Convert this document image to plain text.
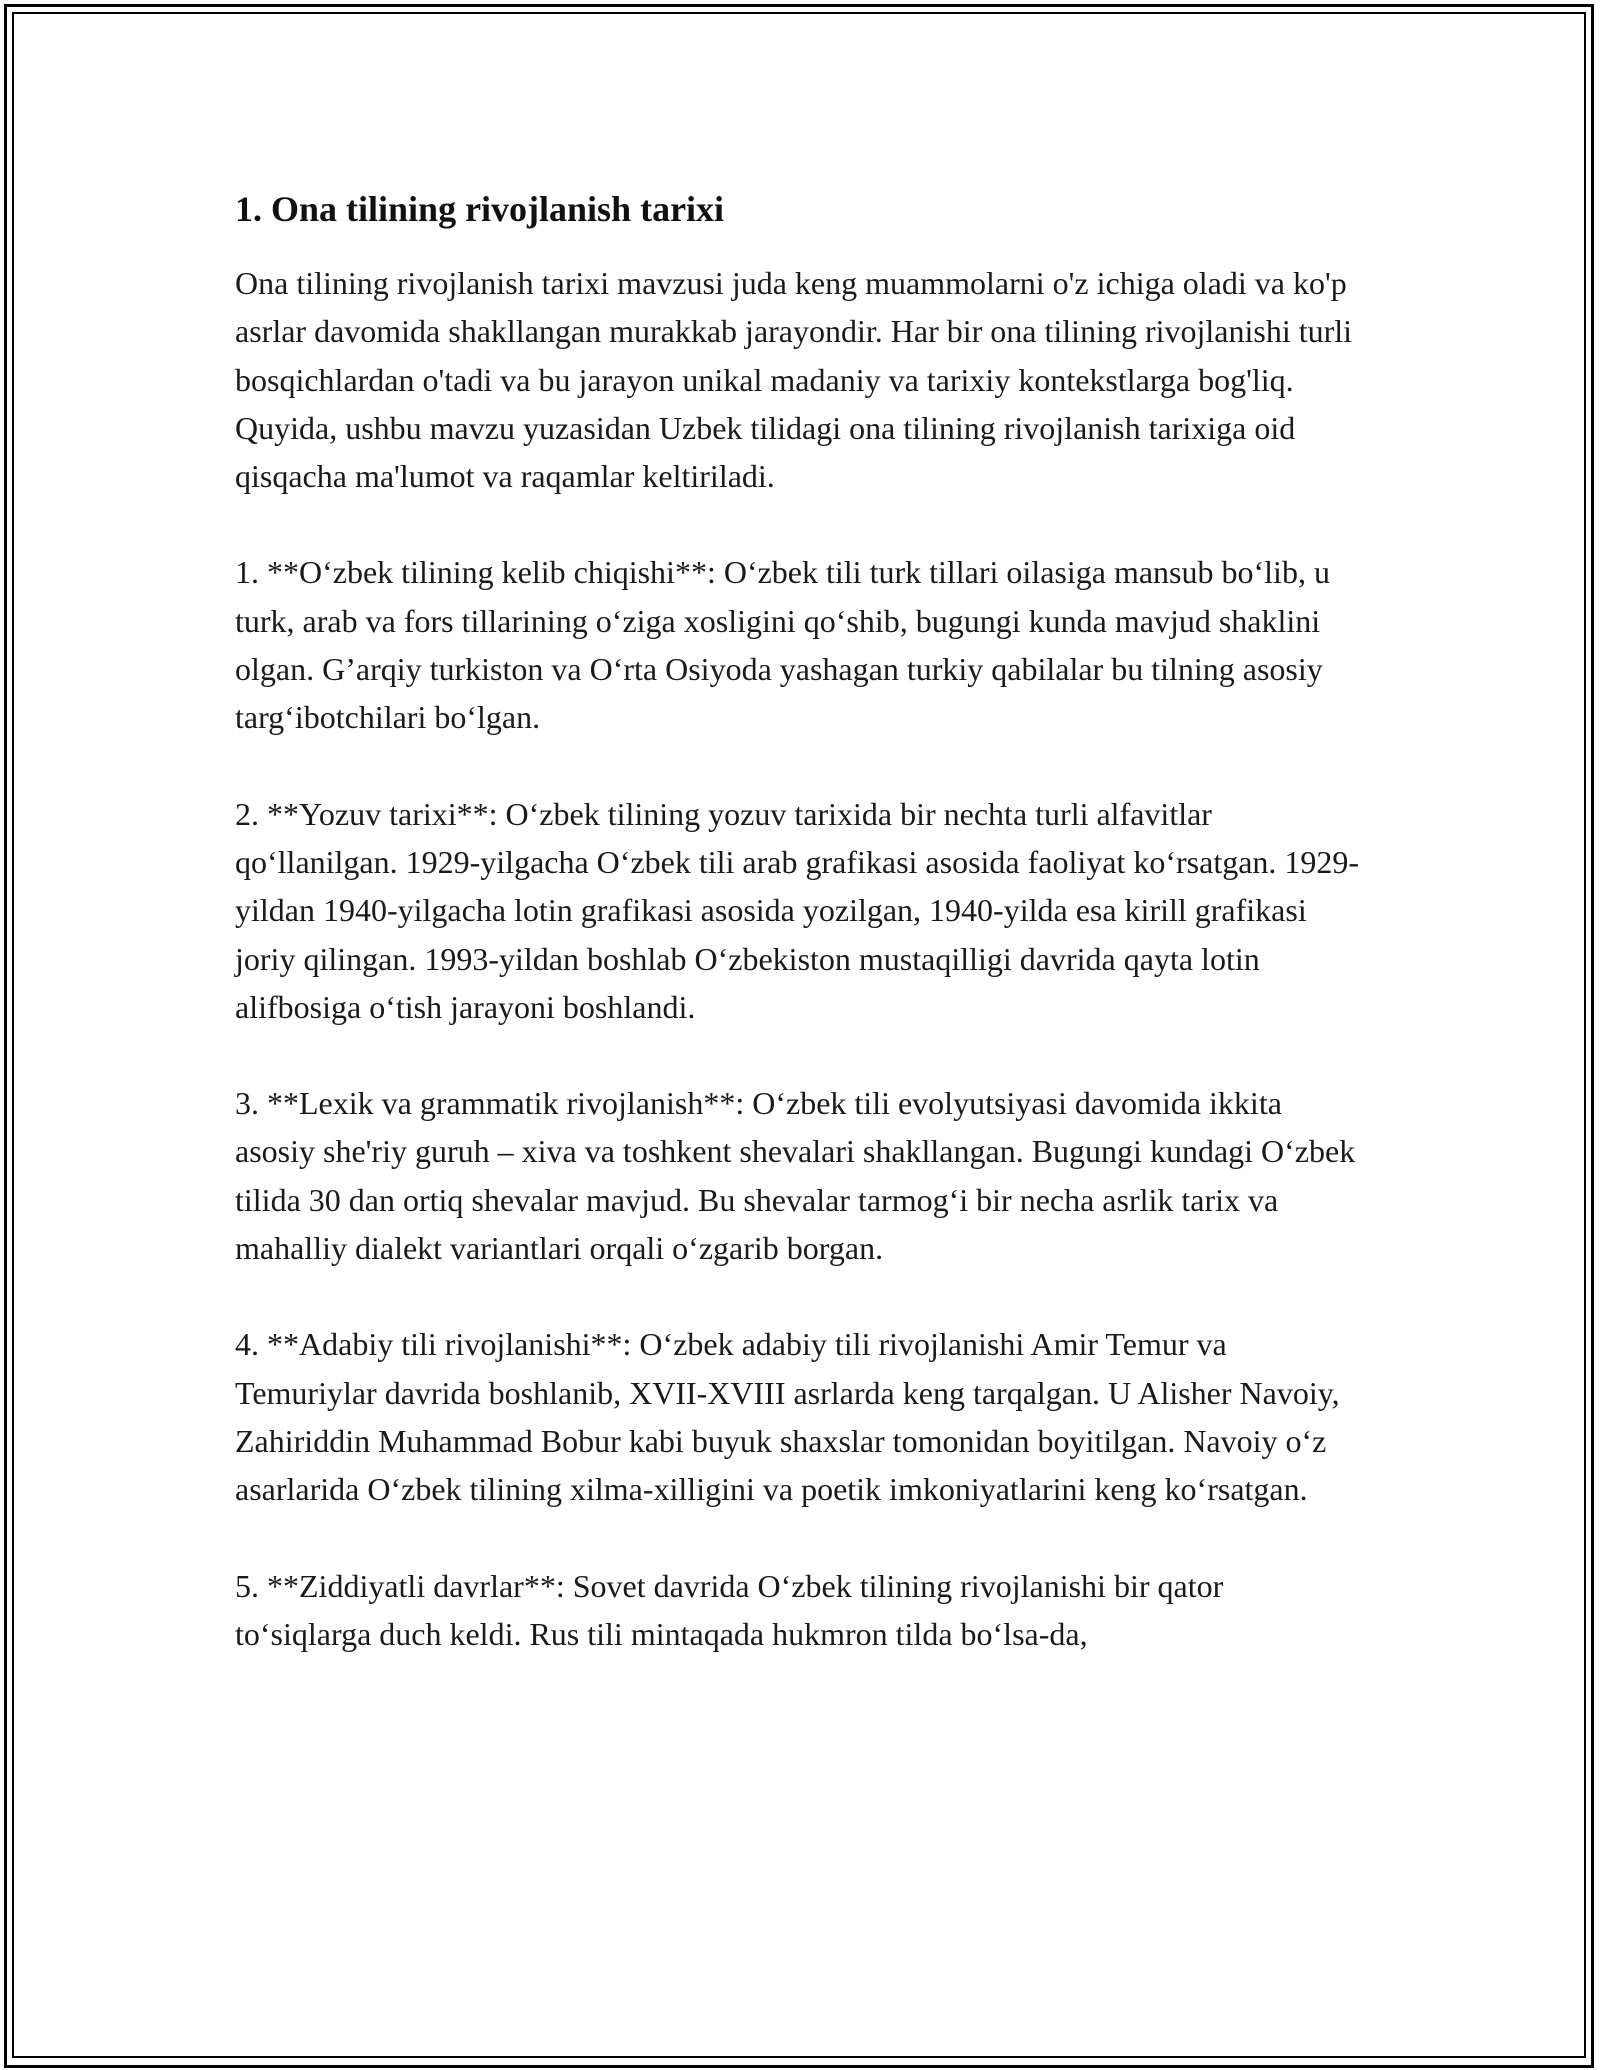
1. Ona tilining rivojlanish tarixi

Ona tilining rivojlanish tarixi mavzusi juda keng muammolarni o'z ichiga oladi va ko'p asrlar davomida shakllangan murakkab jarayondir. Har bir ona tilining rivojlanishi turli bosqichlardan o'tadi va bu jarayon unikal madaniy va tarixiy kontekstlarga bog'liq. Quyida, ushbu mavzu yuzasidan Uzbek tilidagi ona tilining rivojlanish tarixiga oid qisqacha ma'lumot va raqamlar keltiriladi.

1. **O‘zbek tilining kelib chiqishi**: O‘zbek tili turk tillari oilasiga mansub bo‘lib, u turk, arab va fors tillarining o‘ziga xosligini qo‘shib, bugungi kunda mavjud shaklini olgan. G’arqiy turkiston va O‘rta Osiyoda yashagan turkiy qabilalar bu tilning asosiy targ‘ibotchilari bo‘lgan.

2. **Yozuv tarixi**: O‘zbek tilining yozuv tarixida bir nechta turli alfavitlar qo‘llanilgan. 1929-yilgacha O‘zbek tili arab grafikasi asosida faoliyat ko‘rsatgan. 1929-yildan 1940-yilgacha lotin grafikasi asosida yozilgan, 1940-yilda esa kirill grafikasi joriy qilingan. 1993-yildan boshlab O‘zbekiston mustaqilligi davrida qayta lotin alifbosiga o‘tish jarayoni boshlandi.

3. **Lexik va grammatik rivojlanish**: O‘zbek tili evolyutsiyasi davomida ikkita asosiy she'riy guruh – xiva va toshkent shevalari shakllangan. Bugungi kundagi O‘zbek tilida 30 dan ortiq shevalar mavjud. Bu shevalar tarmog‘i bir necha asrlik tarix va mahalliy dialekt variantlari orqali o‘zgarib borgan.

4. **Adabiy tili rivojlanishi**: O‘zbek adabiy tili rivojlanishi Amir Temur va Temuriylar davrida boshlanib, XVII-XVIII asrlarda keng tarqalgan. U Alisher Navoiy, Zahiriddin Muhammad Bobur kabi buyuk shaxslar tomonidan boyitilgan. Navoiy o‘z asarlarida O‘zbek tilining xilma-xilligini va poetik imkoniyatlarini keng ko‘rsatgan.

5. **Ziddiyatli davrlar**: Sovet davrida O‘zbek tilining rivojlanishi bir qator to‘siqlarga duch keldi. Rus tili mintaqada hukmron tilda bo‘lsa-da,
